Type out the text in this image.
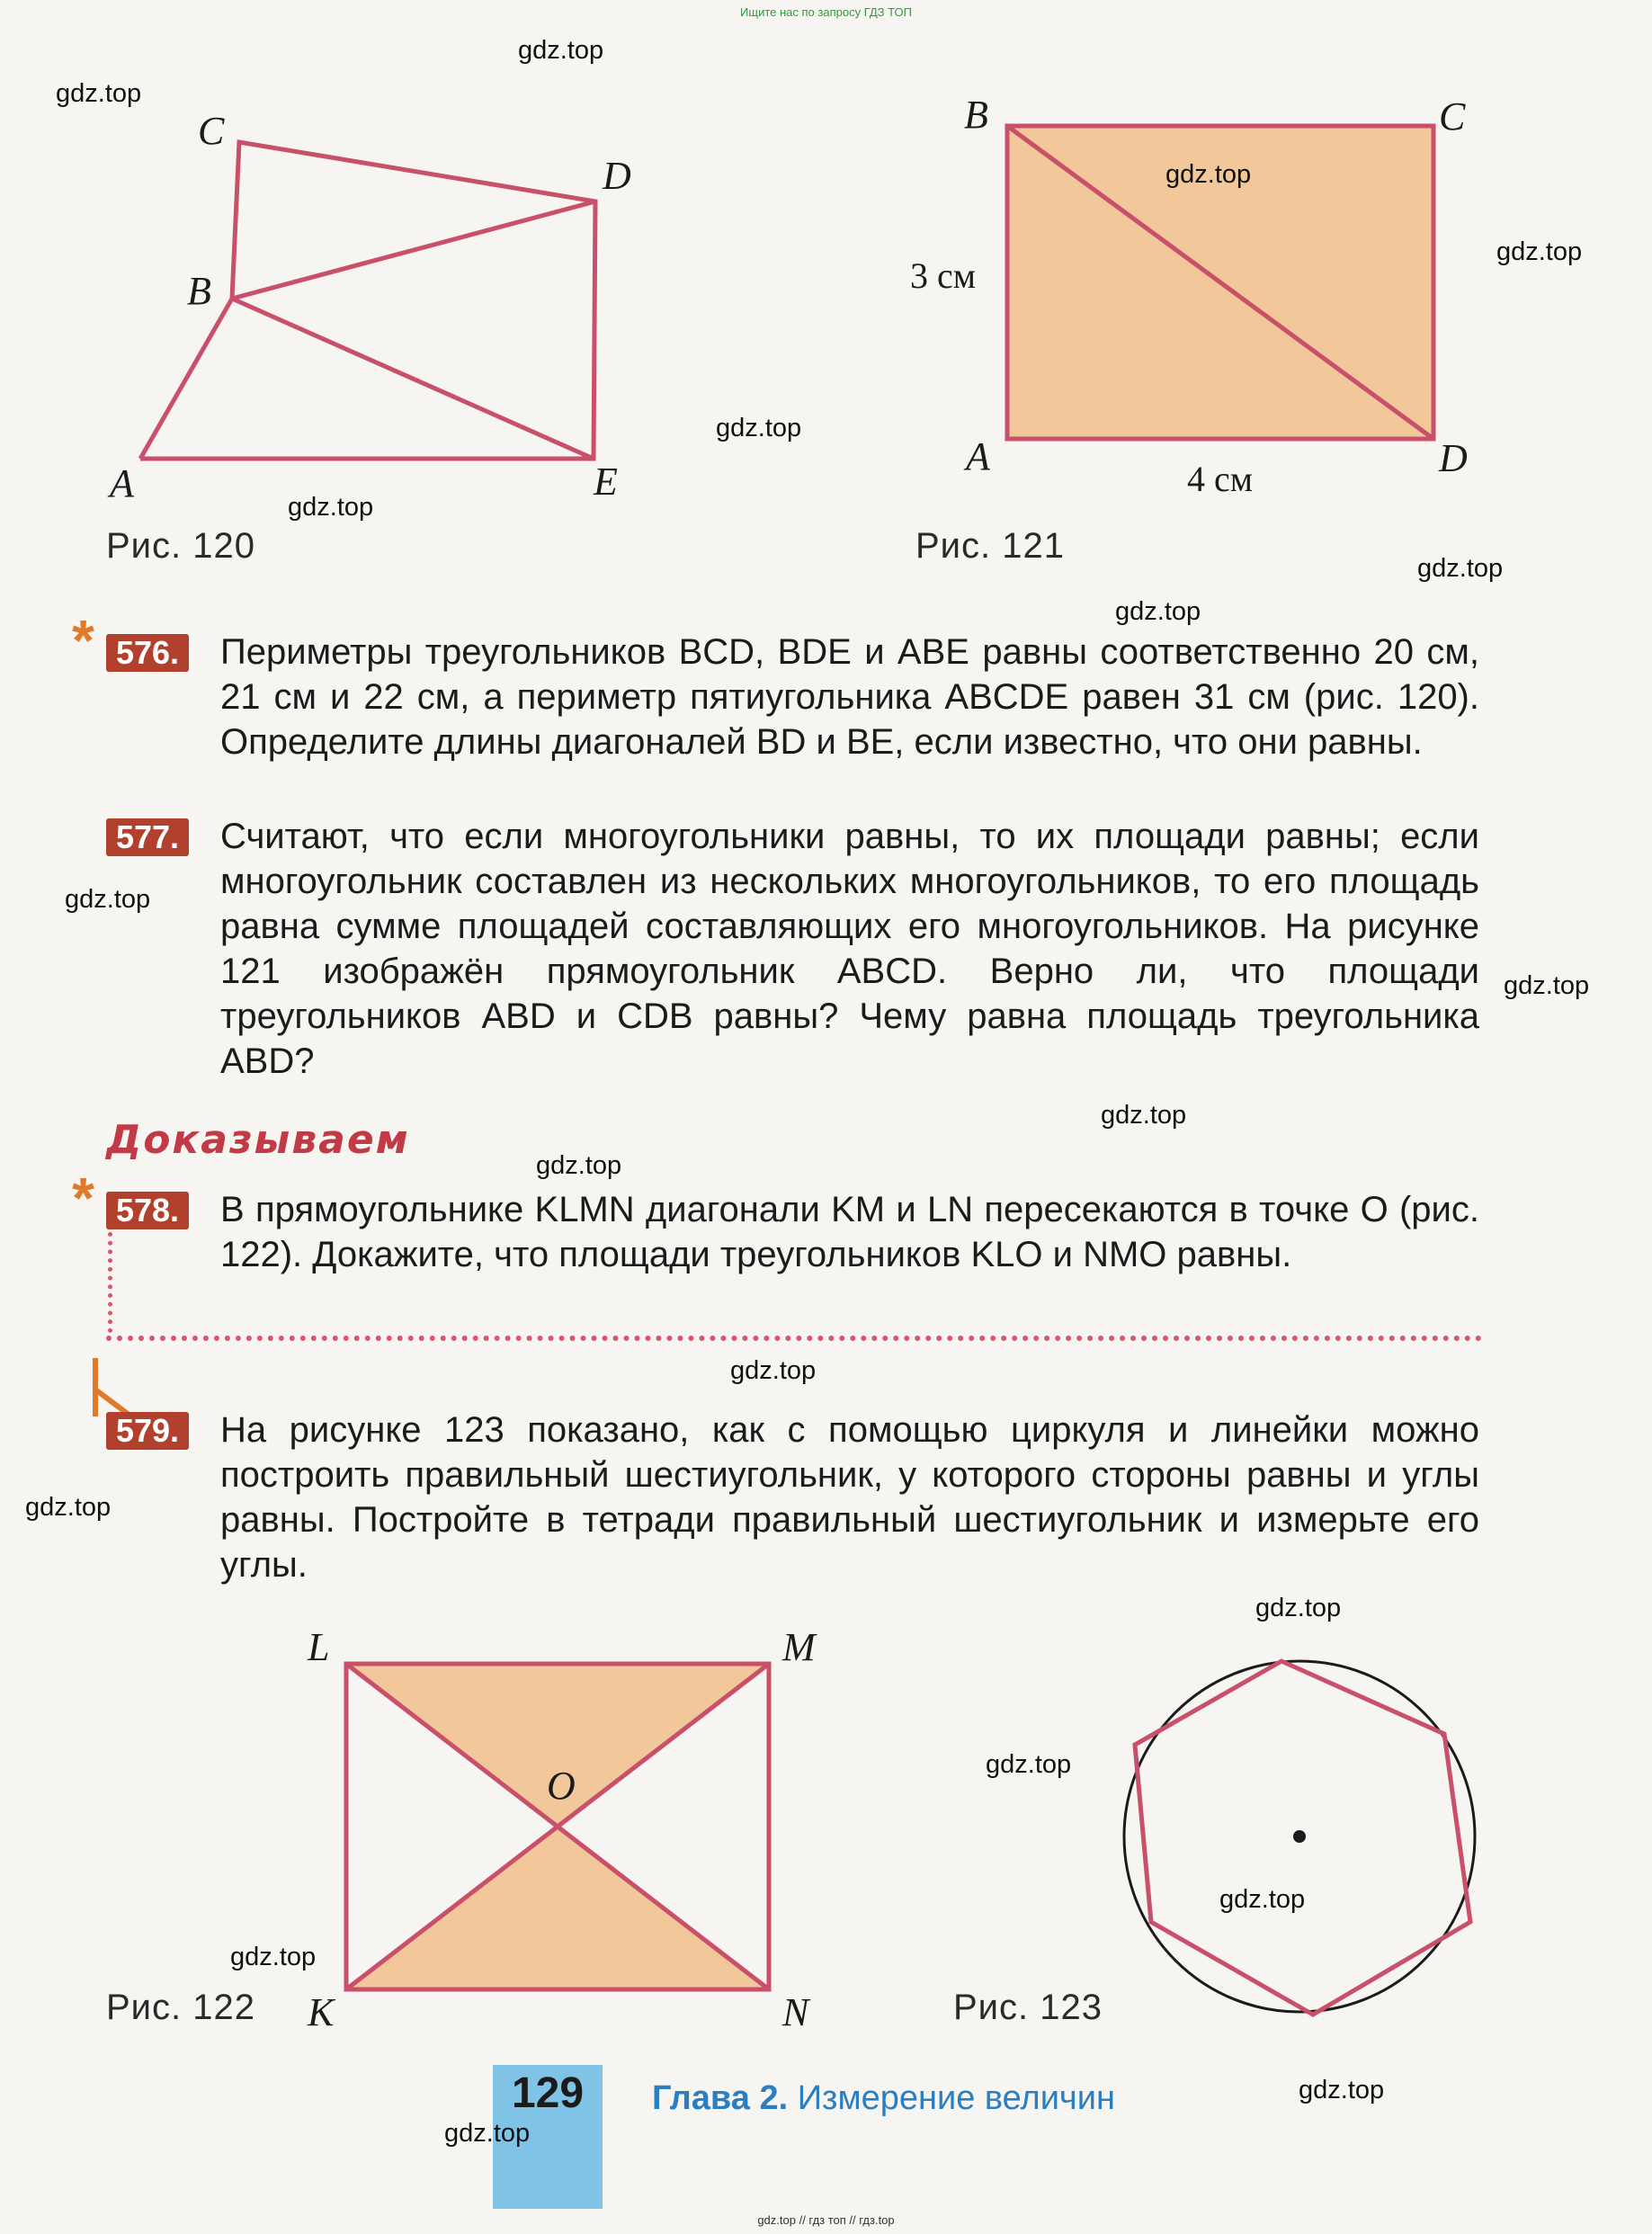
Ищите нас по запросу ГДЗ ТОП
A
B
C
D
E
Рис. 120
B	C
A	D
3 см
4 см
Рис. 121
* 576. Периметры треугольников BCD, BDE и ABE равны соответственно 20 см, 21 см и 22 см, а периметр пятиугольника ABCDE равен 31 см (рис. 120). Определите длины диагоналей BD и BE, если известно, что они равны.
577. Считают, что если многоугольники равны, то их площади равны; если многоугольник составлен из нескольких многоугольников, то его площадь равна сумме площадей составляющих его многоугольников. На рисунке 121 изображён прямоугольник ABCD. Верно ли, что площади треугольников ABD и CDB равны? Чему равна площадь треугольника ABD?
Доказываем
* 578. В прямоугольнике KLMN диагонали KM и LN пересекаются в точке O (рис. 122). Докажите, что площади треугольников KLO и NMO равны.
579. На рисунке 123 показано, как с помощью циркуля и линейки можно построить правильный шестиугольник, у которого стороны равны и углы равны. Постройте в тетради правильный шестиугольник и измерьте его углы.
L	M
K	N
O
Рис. 122	Рис. 123
129	Глава 2. Измерение величин
gdz.top
gdz.top
gdz.top
gdz.top
gdz.top
gdz.top
gdz.top
gdz.top
gdz.top
gdz.top
gdz.top
gdz.top
gdz.top
gdz.top
gdz.top
gdz.top
gdz.top
gdz.top
gdz.top
gdz.top
gdz.top // гдз топ // гдз.top
